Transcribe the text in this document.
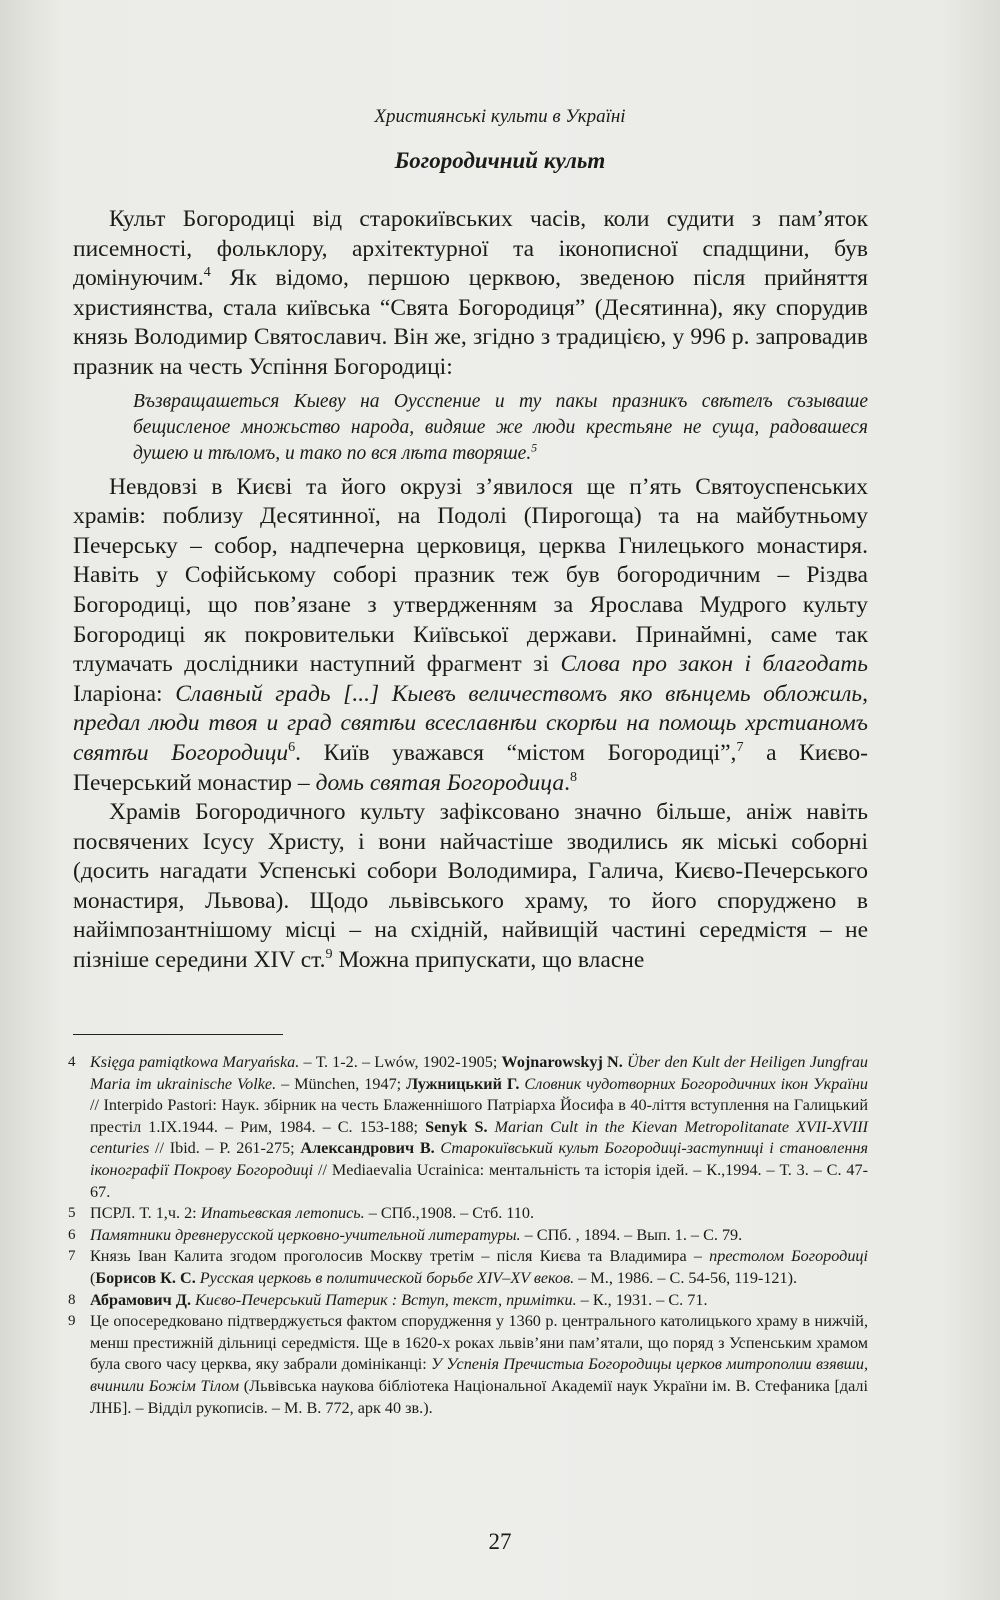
Християнські культи в Україні
Богородичний культ

Культ Богородиці від старокиївських часів, коли судити з пам’яток писемності, фольклору, архітектурної та іконописної спадщини, був домінуючим.$^4$ Як відомо, першою церквою, зведеною після прийняття християнства, стала київська “Свята Богородиця” (Десятинна), яку спорудив князь Володимир Святославич. Він же, згідно з традицією, у 996 р. запровадив празник на честь Успіння Богородиці:

Възвращашеться Кыеву на Оусспение и ту пакы празникъ свѣтелъ съзываше бещисленое множьство народа, видяше же люди крестьяне не суща, радовашеся душею и тѣломъ, и тако по вся лѣта творяше.$^5$

Невдовзі в Києві та його окрузі з’явилося ще п’ять Святоуспенських храмів: поблизу Десятинної, на Подолі (Пирогоща) та на майбутньому Печерську – собор, надпечерна церковиця, церква Гнилецького монастиря. Навіть у Софійському соборі празник теж був богородичним – Різдва Богородиці, що пов’язане з утвердженням за Ярослава Мудрого культу Богородиці як покровительки Київської держави. Принаймні, саме так тлумачать дослідники наступний фрагмент зі Слова про закон і благодать Іларіона: Славный градь [...] Кыевъ величествомъ яко вѣнцемь обложиль, предал люди твоя и град святѣи всеславнѣи скорѣи на помощь хрстианомъ святѣи Богородици$^6$. Київ уважався “містом Богородиці”,$^7$ а Києво-Печерський монастир – домь святая Богородица.$^8$

Храмів Богородичного культу зафіксовано значно більше, аніж навіть посвячених Ісусу Христу, і вони найчастіше зводились як міські соборні (досить нагадати Успенські собори Володимира, Галича, Києво-Печерського монастиря, Львова). Щодо львівського храму, то його споруджено в найімпозантнішому місці – на східній, найвищій частині середмістя – не пізніше середини XIV ст.$^9$ Можна припускати, що власне

4 Księga pamiątkowa Maryańska. – Т. 1-2. – Lwów, 1902-1905; Wojnarowskyj N. Über den Kult der Heiligen Jungfrau Maria im ukrainische Volke. – München, 1947; Лужницький Г. Словник чудотворних Богородичних ікон України // Interpido Pastori: Наук. збірник на честь Блаженнішого Патріарха Йосифа в 40-ліття вступлення на Галицький престіл 1.IX.1944. – Рим, 1984. – С. 153-188; Senyk S. Marian Cult in the Kievan Metropolitanate XVII-XVIII centuries // Ibid. – P. 261-275; Александрович В. Старокиївський культ Богородиці-заступниці і становлення іконографії Покрову Богородиці // Mediaevalia Ucrainica: ментальність та історія ідей. – К.,1994. – Т. 3. – С. 47-67.
5 ПСРЛ. Т. 1,ч. 2: Ипатьевская летопись. – СПб.,1908. – Стб. 110.
6 Памятники древнерусской церковно-учительной литературы. – СПб. , 1894. – Вып. 1. – С. 79.
7 Князь Іван Калита згодом проголосив Москву третім – після Києва та Владимира – престолом Богородиці (Борисов К. С. Русская церковь в политической борьбе XIV–XV веков. – М., 1986. – С. 54-56, 119-121).
8 Абрамович Д. Києво-Печерський Патерик : Вступ, текст, примітки. – К., 1931. – С. 71.
9 Це опосередковано підтверджується фактом спорудження у 1360 р. центрального католицького храму в нижчій, менш престижній дільниці середмістя. Ще в 1620-х роках львів’яни пам’ятали, що поряд з Успенським храмом була свого часу церква, яку забрали домініканці: У Успенія Пречистыа Богородицы церков митрополии взявши, вчинили Божім Тілом (Львівська наукова бібліотека Національної Академії наук України ім. В. Стефаника [далі ЛНБ]. – Відділ рукописів. – М. В. 772, арк 40 зв.).
27
